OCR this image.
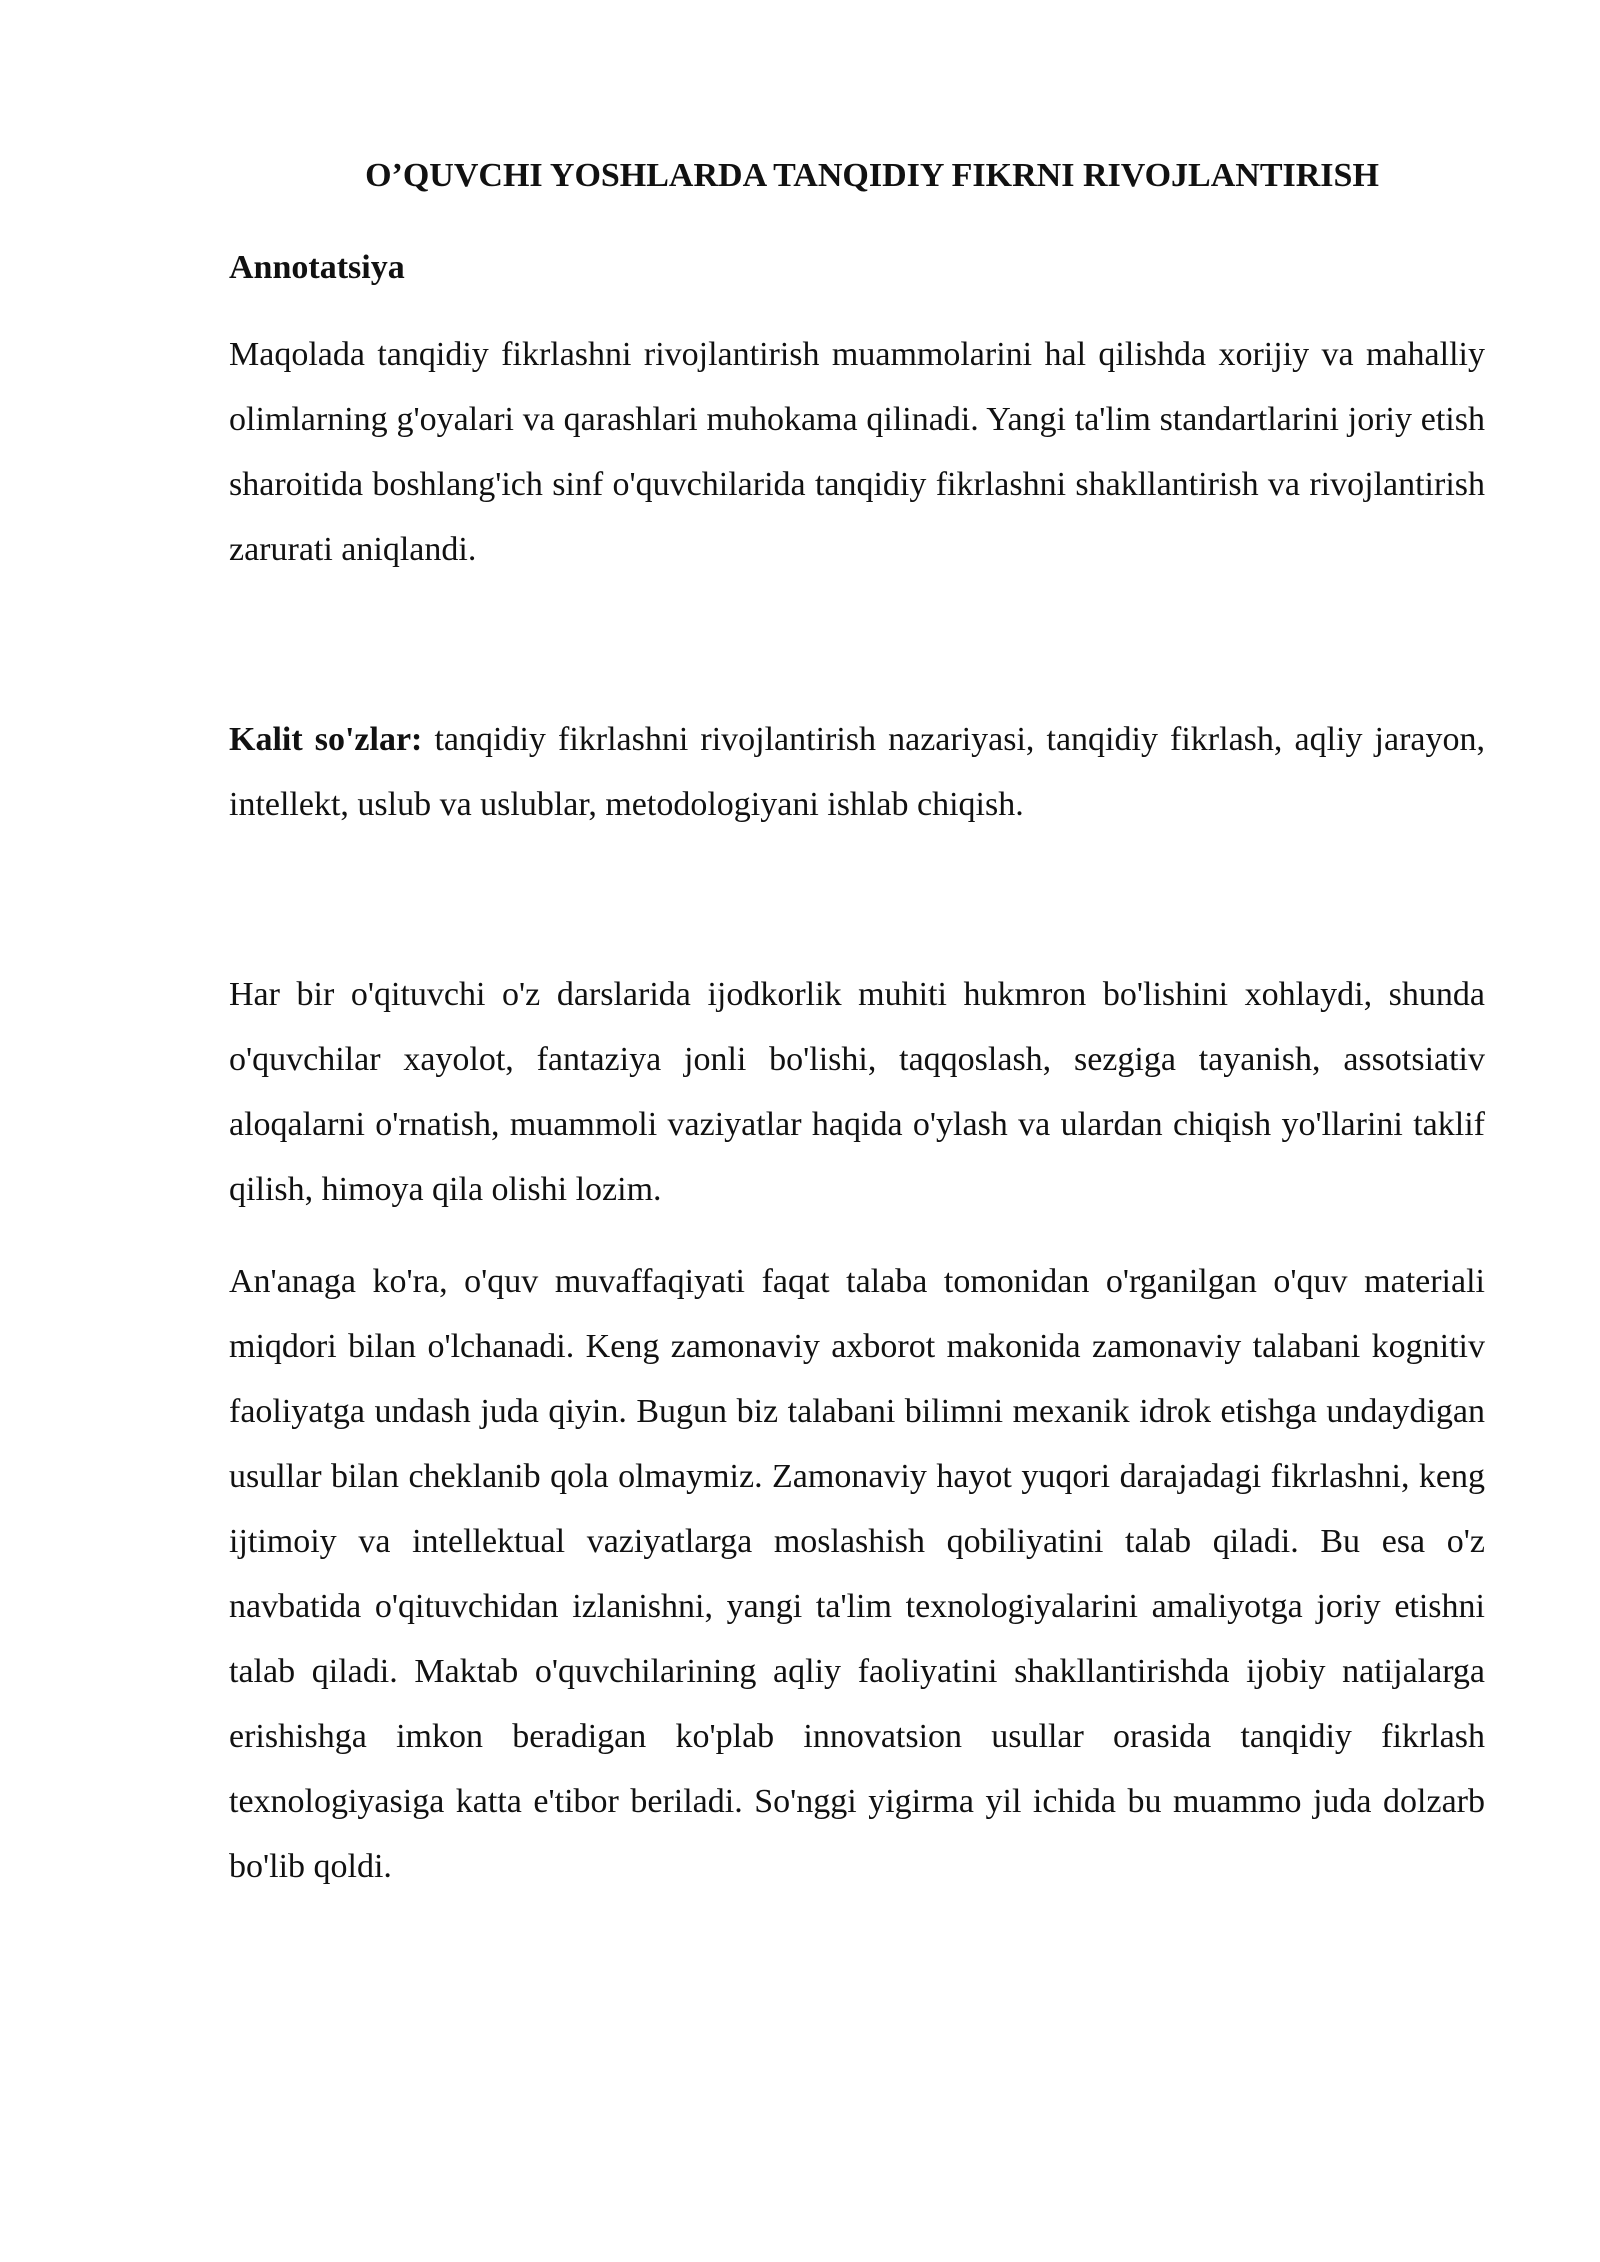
O’QUVCHI YOSHLARDA TANQIDIY FIKRNI RIVOJLANTIRISH
Annotatsiya

Maqolada tanqidiy fikrlashni rivojlantirish muammolarini hal qilishda xorijiy va mahalliy olimlarning g'oyalari va qarashlari muhokama qilinadi. Yangi ta'lim standartlarini joriy etish sharoitida boshlang'ich sinf o'quvchilarida tanqidiy fikrlashni shakllantirish va rivojlantirish zarurati aniqlandi.

Kalit so'zlar: tanqidiy fikrlashni rivojlantirish nazariyasi, tanqidiy fikrlash, aqliy jarayon, intellekt, uslub va uslublar, metodologiyani ishlab chiqish.

Har bir o'qituvchi o'z darslarida ijodkorlik muhiti hukmron bo'lishini xohlaydi, shunda o'quvchilar xayolot, fantaziya jonli bo'lishi, taqqoslash, sezgiga tayanish, assotsiativ aloqalarni o'rnatish, muammoli vaziyatlar haqida o'ylash va ulardan chiqish yo'llarini taklif qilish, himoya qila olishi lozim.

An'anaga ko'ra, o'quv muvaffaqiyati faqat talaba tomonidan o'rganilgan o'quv materiali miqdori bilan o'lchanadi. Keng zamonaviy axborot makonida zamonaviy talabani kognitiv faoliyatga undash juda qiyin. Bugun biz talabani bilimni mexanik idrok etishga undaydigan usullar bilan cheklanib qola olmaymiz. Zamonaviy hayot yuqori darajadagi fikrlashni, keng ijtimoiy va intellektual vaziyatlarga moslashish qobiliyatini talab qiladi. Bu esa o'z navbatida o'qituvchidan izlanishni, yangi ta'lim texnologiyalarini amaliyotga joriy etishni talab qiladi. Maktab o'quvchilarining aqliy faoliyatini shakllantirishda ijobiy natijalarga erishishga imkon beradigan ko'plab innovatsion usullar orasida tanqidiy fikrlash texnologiyasiga katta e'tibor beriladi. So'nggi yigirma yil ichida bu muammo juda dolzarb bo'lib qoldi.
